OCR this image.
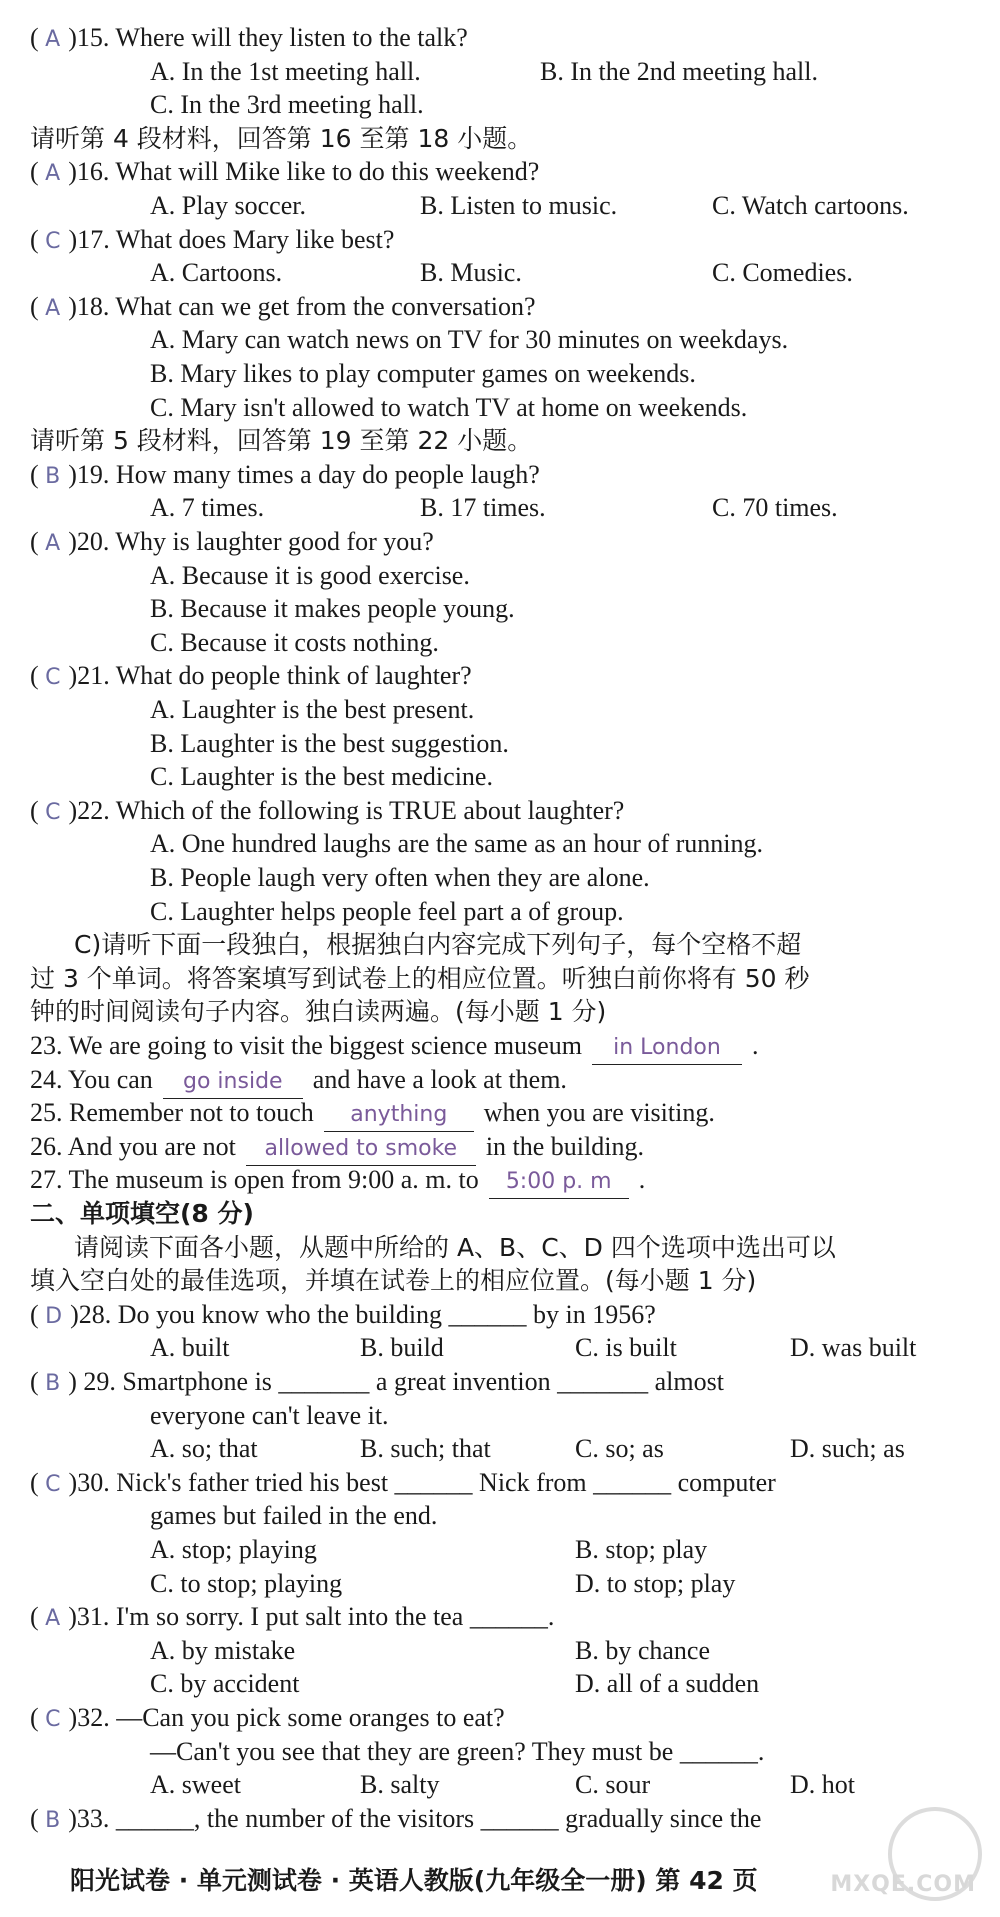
( A )15. Where will they listen to the talk?
A. In the 1st meeting hall.	B. In the 2nd meeting hall.
C. In the 3rd meeting hall.
请听第 4 段材料，回答第 16 至第 18 小题。
( A )16. What will Mike like to do this weekend?
A. Play soccer.	B. Listen to music.	C. Watch cartoons.
( C )17. What does Mary like best?
A. Cartoons.	B. Music.	C. Comedies.
( A )18. What can we get from the conversation?
A. Mary can watch news on TV for 30 minutes on weekdays.
B. Mary likes to play computer games on weekends.
C. Mary isn't allowed to watch TV at home on weekends.
请听第 5 段材料，回答第 19 至第 22 小题。
( B )19. How many times a day do people laugh?
A. 7 times.	B. 17 times.	C. 70 times.
( A )20. Why is laughter good for you?
A. Because it is good exercise.
B. Because it makes people young.
C. Because it costs nothing.
( C )21. What do people think of laughter?
A. Laughter is the best present.
B. Laughter is the best suggestion.
C. Laughter is the best medicine.
( C )22. Which of the following is TRUE about laughter?
A. One hundred laughs are the same as an hour of running.
B. People laugh very often when they are alone.
C. Laughter helps people feel part a of group.
C)请听下面一段独白，根据独白内容完成下列句子，每个空格不超
过 3 个单词。将答案填写到试卷上的相应位置。听独白前你将有 50 秒
钟的时间阅读句子内容。独白读两遍。(每小题 1 分)
23. We are going to visit the biggest science museum in London .
24. You can go inside and have a look at them.
25. Remember not to touch anything when you are visiting.
26. And you are not allowed to smoke in the building.
27. The museum is open from 9:00 a. m. to 5:00 p. m .
二、单项填空(8 分)
请阅读下面各小题，从题中所给的 A、B、C、D 四个选项中选出可以
填入空白处的最佳选项，并填在试卷上的相应位置。(每小题 1 分)
( D )28. Do you know who the building ______ by in 1956?
A. built	B. build	C. is built	D. was built
( B ) 29. Smartphone is _______ a great invention _______ almost
everyone can't leave it.
A. so; that	B. such; that	C. so; as	D. such; as
( C )30. Nick's father tried his best ______ Nick from ______ computer
games but failed in the end.
A. stop; playing	B. stop; play
C. to stop; playing	D. to stop; play
( A )31. I'm so sorry. I put salt into the tea ______.
A. by mistake	B. by chance
C. by accident	D. all of a sudden
( C )32. —Can you pick some oranges to eat?
—Can't you see that they are green? They must be ______.
A. sweet	B. salty	C. sour	D. hot
( B )33. ______, the number of the visitors ______ gradually since the
阳光试卷 · 单元测试卷 · 英语人教版(九年级全一册) 第 42 页	MXQE.COM
